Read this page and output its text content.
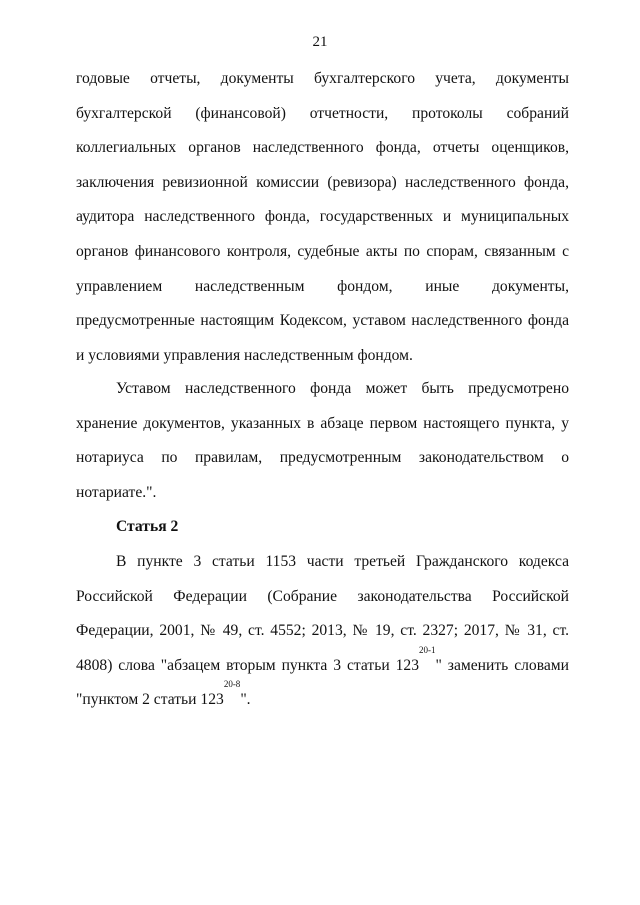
21

годовые отчеты, документы бухгалтерского учета, документы бухгалтерской (финансовой) отчетности, протоколы собраний коллегиальных органов наследственного фонда, отчеты оценщиков, заключения ревизионной комиссии (ревизора) наследственного фонда, аудитора наследственного фонда, государственных и муниципальных органов финансового контроля, судебные акты по спорам, связанным с управлением наследственным фондом, иные документы, предусмотренные настоящим Кодексом, уставом наследственного фонда и условиями управления наследственным фондом.

Уставом наследственного фонда может быть предусмотрено хранение документов, указанных в абзаце первом настоящего пункта, у нотариуса по правилам, предусмотренным законодательством о нотариате.".

Статья 2

В пункте 3 статьи 1153 части третьей Гражданского кодекса Российской Федерации (Собрание законодательства Российской Федерации, 2001, № 49, ст. 4552; 2013, № 19, ст. 2327; 2017, № 31, ст. 4808) слова "абзацем вторым пункта 3 статьи 123$^{20-1}$" заменить словами "пунктом 2 статьи 123$^{20-8}$".
